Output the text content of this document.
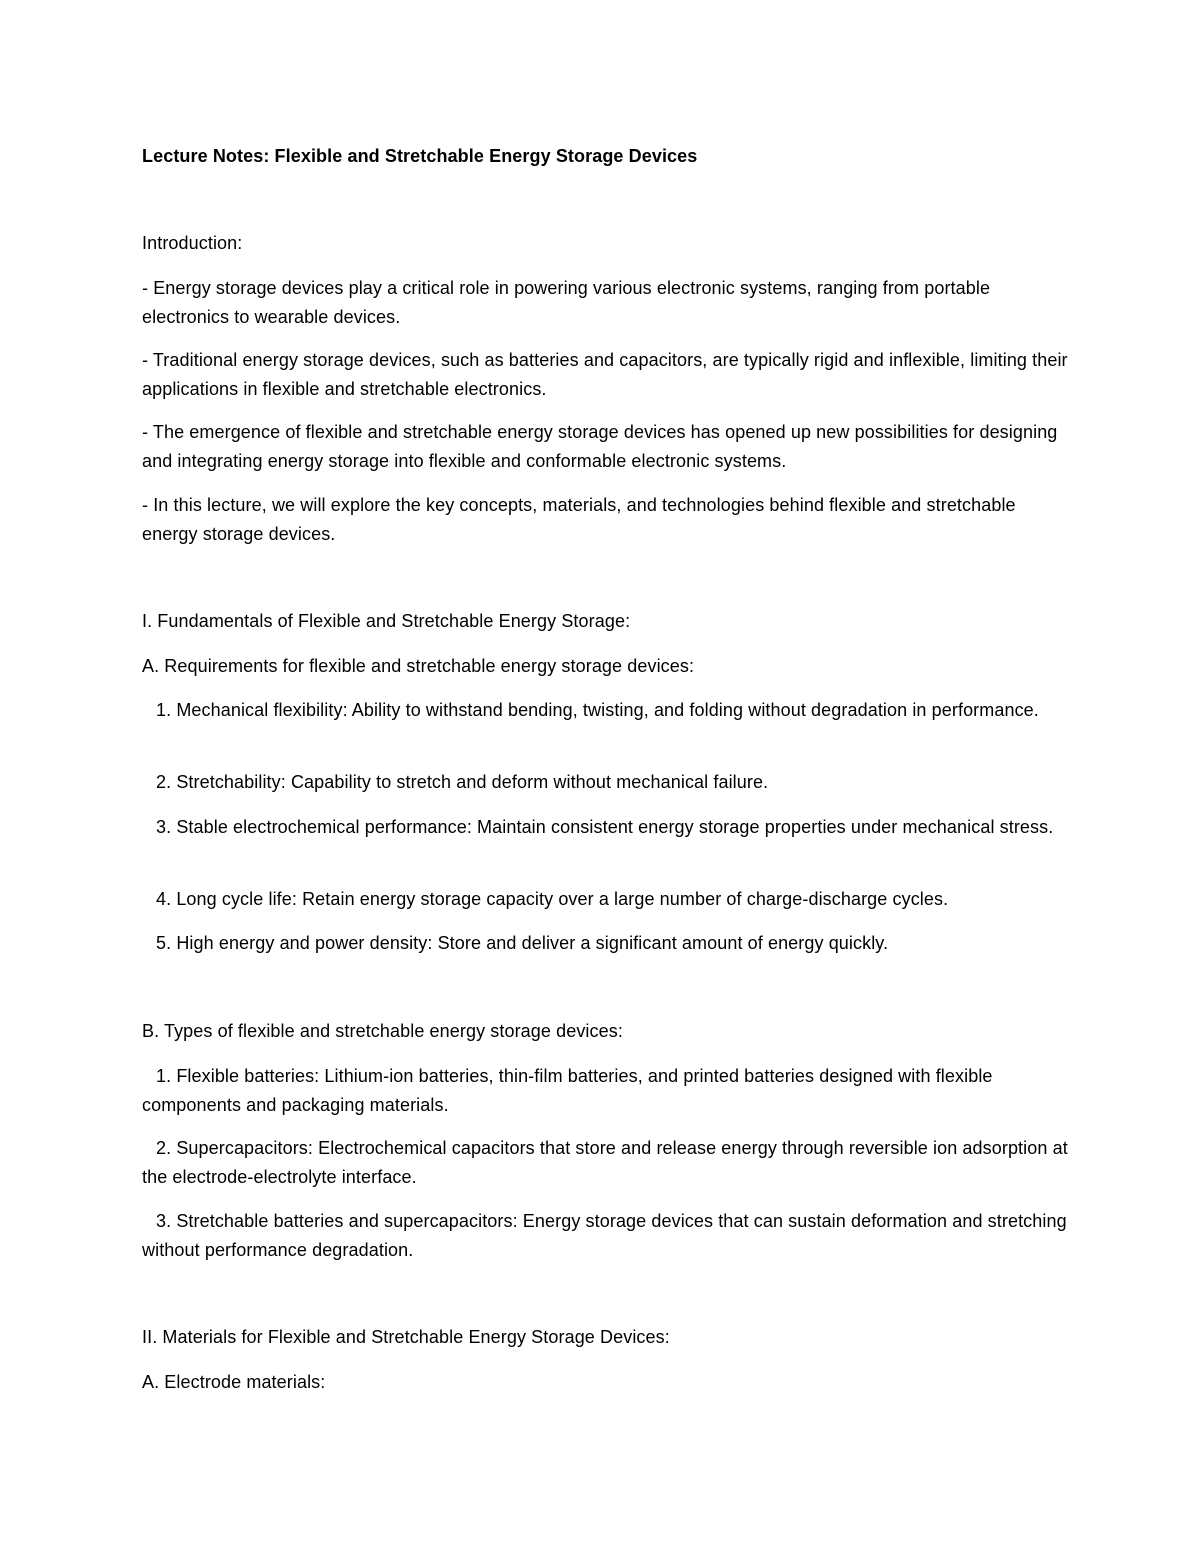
Lecture Notes: Flexible and Stretchable Energy Storage Devices
Introduction:
- Energy storage devices play a critical role in powering various electronic systems, ranging from portable electronics to wearable devices.
- Traditional energy storage devices, such as batteries and capacitors, are typically rigid and inflexible, limiting their applications in flexible and stretchable electronics.
- The emergence of flexible and stretchable energy storage devices has opened up new possibilities for designing and integrating energy storage into flexible and conformable electronic systems.
- In this lecture, we will explore the key concepts, materials, and technologies behind flexible and stretchable energy storage devices.
I. Fundamentals of Flexible and Stretchable Energy Storage:
A. Requirements for flexible and stretchable energy storage devices:
1. Mechanical flexibility: Ability to withstand bending, twisting, and folding without degradation in performance.
2. Stretchability: Capability to stretch and deform without mechanical failure.
3. Stable electrochemical performance: Maintain consistent energy storage properties under mechanical stress.
4. Long cycle life: Retain energy storage capacity over a large number of charge-discharge cycles.
5. High energy and power density: Store and deliver a significant amount of energy quickly.
B. Types of flexible and stretchable energy storage devices:
1. Flexible batteries: Lithium-ion batteries, thin-film batteries, and printed batteries designed with flexible components and packaging materials.
2. Supercapacitors: Electrochemical capacitors that store and release energy through reversible ion adsorption at the electrode-electrolyte interface.
3. Stretchable batteries and supercapacitors: Energy storage devices that can sustain deformation and stretching without performance degradation.
II. Materials for Flexible and Stretchable Energy Storage Devices:
A. Electrode materials:
